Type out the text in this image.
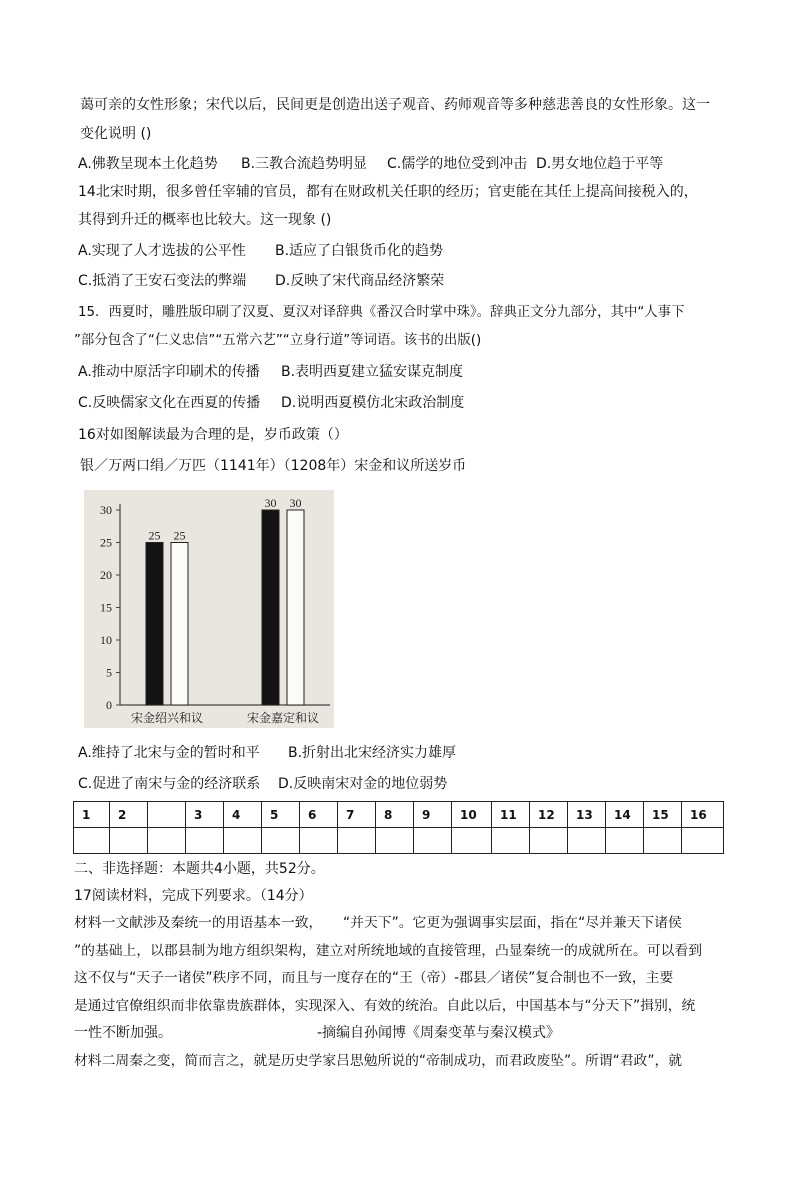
蔼可亲的女性形象；宋代以后，民间更是创造出送子观音、药师观音等多种慈悲善良的女性形象。这一
变化说明 ()
A.佛教呈现本土化趋势 B.三教合流趋势明显 C.儒学的地位受到冲击 D.男女地位趋于平等
14北宋时期，很多曾任宰辅的官员，都有在财政机关任职的经历；官吏能在其任上提高间接税入的，
其得到升迁的概率也比较大。这一现象 ()
A.实现了人才选拔的公平性 B.适应了白银货币化的趋势
C.抵消了王安石变法的弊端 D.反映了宋代商品经济繁荣
15．西夏时，雕胜版印刷了汉夏、夏汉对译辞典《番汉合时掌中珠》。辞典正文分九部分，其中“人事下
”部分包含了“仁义忠信”“五常六艺”“立身行道”等词语。该书的出版()
A.推动中原活字印刷术的传播 B.表明西夏建立猛安谋克制度
C.反映儒家文化在西夏的传播 D.说明西夏模仿北宋政治制度
16对如图解读最为合理的是，岁币政策（）
银／万两口绢／万匹（1141年）（1208年）宋金和议所送岁币
0
5
10
15
20
25
30
25 25
宋金绍兴和议
30 30
宋金嘉定和议
A.维持了北宋与金的暂时和平 B.折射出北宋经济实力雄厚
C.促进了南宋与金的经济联系 D.反映南宋对金的地位弱势
1	2		3	4	5	6	7	8	9	10	11	12	13	14	15	16

二、非选择题：本题共4小题，共52分。
17阅读材料，完成下列要求。（14分）
材料一文献涉及秦统一的用语基本一致，　　“并天下”。它更为强调事实层面，指在“尽并兼天下诸侯
”的基础上，以郡县制为地方组织架构，建立对所统地域的直接管理，凸显秦统一的成就所在。可以看到
这不仅与“天子一诸侯”秩序不同，而且与一度存在的“王（帝）-郡县／诸侯”复合制也不一致，主要
是通过官僚组织而非依靠贵族群体，实现深入、有效的统治。自此以后，中国基本与“分天下”揖别，统
一性不断加强。	-摘编自孙闻博《周秦变革与秦汉模式》
材料二周秦之变，简而言之，就是历史学家吕思勉所说的“帝制成功，而君政废坠”。所谓“君政”，就
